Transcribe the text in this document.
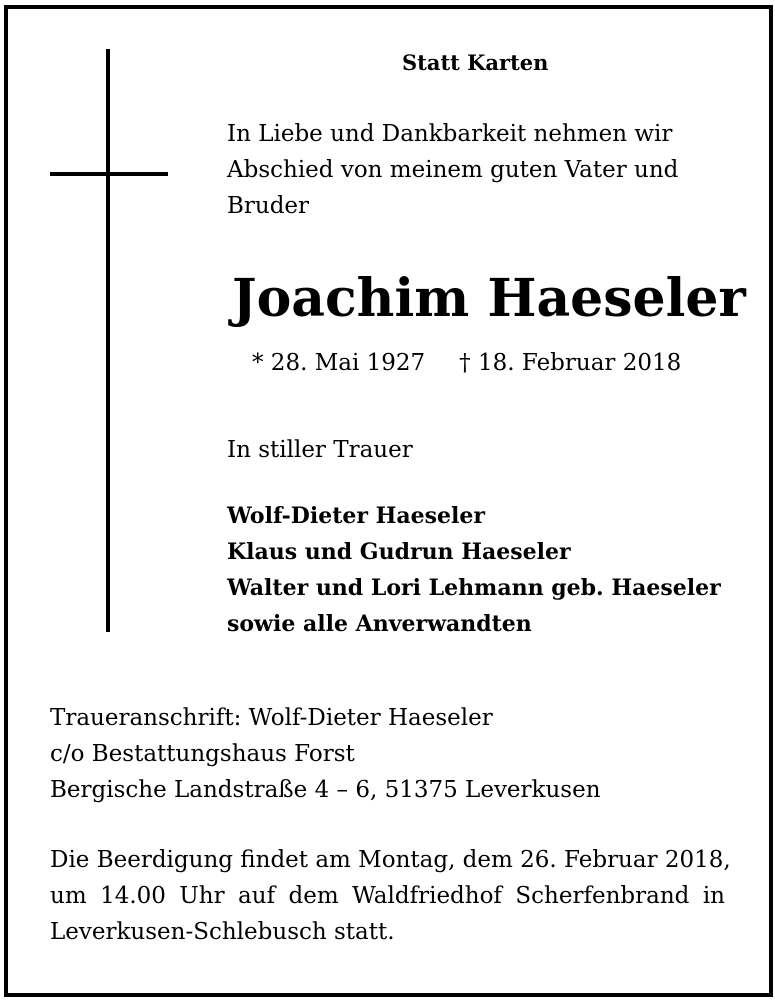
Statt Karten

In Liebe und Dankbarkeit nehmen wir
Abschied von meinem guten Vater und
Bruder

Joachim Haeseler
* 28. Mai 1927 † 18. Februar 2018
In stiller Trauer

Wolf-Dieter Haeseler
Klaus und Gudrun Haeseler
Walter und Lori Lehmann geb. Haeseler
sowie alle Anverwandten

Traueranschrift: Wolf-Dieter Haeseler
c/o Bestattungshaus Forst
Bergische Landstraße 4 – 6, 51375 Leverkusen

Die Beerdigung findet am Montag, dem 26. Februar 2018,
um 14.00 Uhr auf dem Waldfriedhof Scherfenbrand in
Leverkusen-Schlebusch statt.
